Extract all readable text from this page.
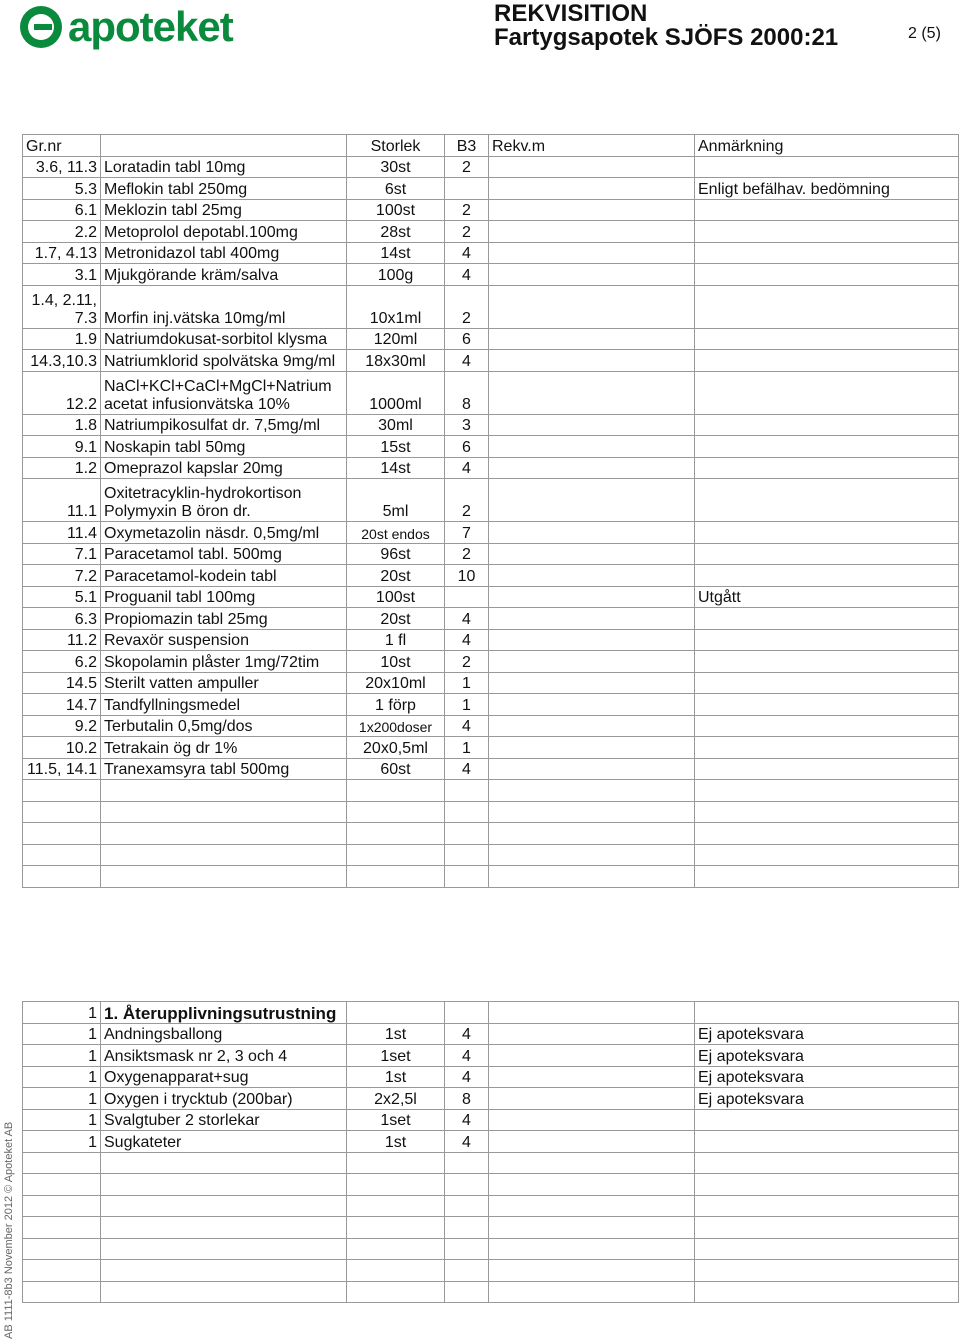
apoteket	REKVISITION
Fartygsapotek SJÖFS 2000:21	2 (5)
Gr.nr		Storlek	B3	Rekv.m	Anmärkning
3.6, 11.3	Loratadin tabl 10mg	30st	2		
5.3	Meflokin tabl 250mg	6st			Enligt befälhav. bedömning
6.1	Meklozin tabl 25mg	100st	2		
2.2	Metoprolol depotabl.100mg	28st	2		
1.7, 4.13	Metronidazol tabl 400mg	14st	4		
3.1	Mjukgörande kräm/salva	100g	4		

1.4, 2.11,
7.3	Morfin inj.vätska 10mg/ml	10x1ml	2		
1.9	Natriumdokusat-sorbitol klysma	120ml	6		
14.3,10.3	Natriumklorid spolvätska 9mg/ml	18x30ml	4		

12.2	NaCl+KCl+CaCl+MgCl+Natrium
acetat infusionvätska 10%	1000ml	8		
1.8	Natriumpikosulfat dr. 7,5mg/ml	30ml	3		
9.1	Noskapin tabl 50mg	15st	6		
1.2	Omeprazol kapslar 20mg	14st	4		

11.1	Oxitetracyklin-hydrokortison
Polymyxin B öron dr.	5ml	2		
11.4	Oxymetazolin näsdr. 0,5mg/ml	20st endos	7		
7.1	Paracetamol tabl. 500mg	96st	2		
7.2	Paracetamol-kodein tabl	20st	10		
5.1	Proguanil tabl 100mg	100st			Utgått
6.3	Propiomazin tabl 25mg	20st	4		
11.2	Revaxör suspension	1 fl	4		
6.2	Skopolamin plåster 1mg/72tim	10st	2		
14.5	Sterilt vatten ampuller	20x10ml	1		
14.7	Tandfyllningsmedel	1 förp	1		
9.2	Terbutalin 0,5mg/dos	1x200doser	4		
10.2	Tetrakain ög dr 1%	20x0,5ml	1		
11.5, 14.1	Tranexamsyra tabl 500mg	60st	4		

1	1. Återupplivningsutrustning				
1	Andningsballong	1st	4		Ej apoteksvara
1	Ansiktsmask nr 2, 3 och 4	1set	4		Ej apoteksvara
1	Oxygenapparat+sug	1st	4		Ej apoteksvara
1	Oxygen i trycktub (200bar)	2x2,5l	8		Ej apoteksvara
1	Svalgtuber 2 storlekar	1set	4		
1	Sugkateter	1st	4		

AB 1111-8b3 November 2012 © Apoteket AB
